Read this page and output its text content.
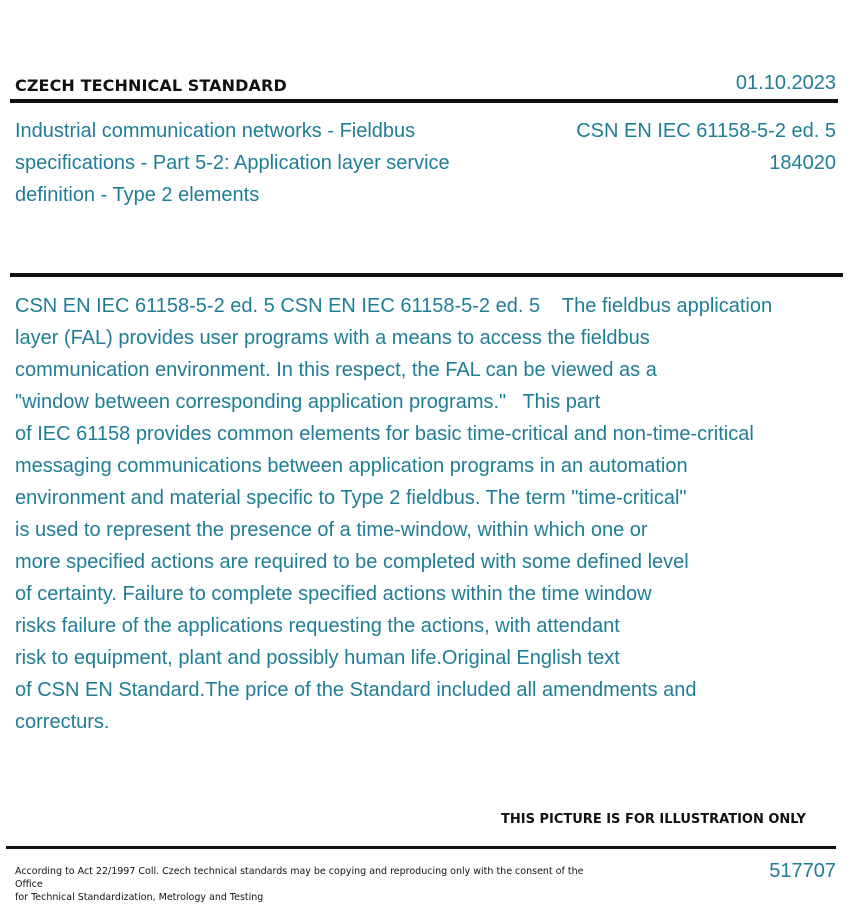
CZECH TECHNICAL STANDARD	01.10.2023
Industrial communication networks - Fieldbus specifications - Part 5-2: Application layer service definition - Type 2 elements
CSN EN IEC 61158-5-2 ed. 5
184020
CSN EN IEC 61158-5-2 ed. 5 CSN EN IEC 61158-5-2 ed. 5    The fieldbus application
layer (FAL) provides user programs with a means to access the fieldbus
communication environment. In this respect, the FAL can be viewed as a
"window between corresponding application programs."   This part
of IEC 61158 provides common elements for basic time-critical and non-time-critical
messaging communications between application programs in an automation
environment and material specific to Type 2 fieldbus. The term "time-critical"
is used to represent the presence of a time-window, within which one or
more specified actions are required to be completed with some defined level
of certainty. Failure to complete specified actions within the time window
risks failure of the applications requesting the actions, with attendant
risk to equipment, plant and possibly human life.Original English text
of CSN EN Standard.The price of the Standard included all amendments and
correcturs.
THIS PICTURE IS FOR ILLUSTRATION ONLY
According to Act 22/1997 Coll. Czech technical standards may be copying and reproducing only with the consent of the Office
for Technical Standardization, Metrology and Testing
517707
